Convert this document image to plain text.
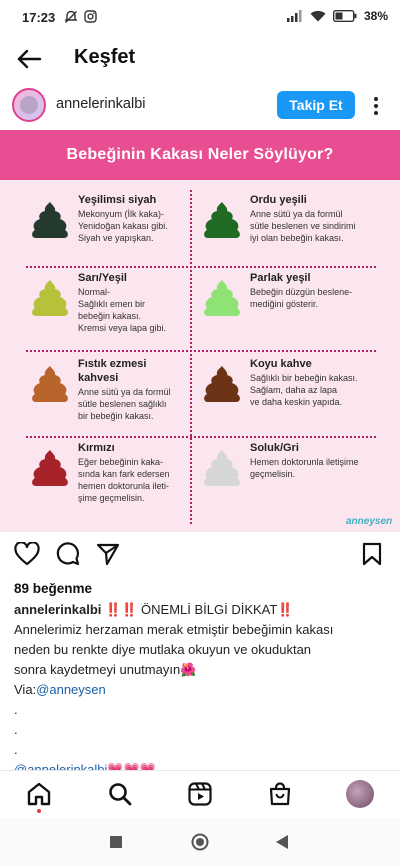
17:23	38%
Keşfet
annelerinkalbi	Takip Et
Bebeğinin Kakası Neler Söylüyor?
Yeşilimsi siyah
Mekonyum (İlk kaka)-
Yenidoğan kakası gibi.
Siyah ve yapışkan.
Ordu yeşili
Anne sütü ya da formül
sütle beslenen ve sindirimi
iyi olan bebeğin kakası.
Sarı/Yeşil
Normal-
Sağlıklı emen bir
bebeğin kakası.
Kremsi veya lapa gibi.
Parlak yeşil
Bebeğin düzgün beslene-
mediğini gösterir.
Fıstık ezmesi
kahvesi
Anne sütü ya da formül
sütle beslenen sağlıklı
bir bebeğin kakası.
Koyu kahve
Sağlıklı bir bebeğin kakası.
Sağlam, daha az lapa
ve daha keskin yapıda.
Kırmızı
Eğer bebeğinin kaka-
sında kan fark edersen
hemen doktorunla ileti-
şime geçmelisin.
Soluk/Gri
Hemen doktorunla iletişime
geçmelisin.
anneysen
89 beğenme
annelerinkalbi ‼️‼️ ÖNEMLİ BİLGİ DİKKAT‼️
Annelerimiz herzaman merak etmiştir bebeğimin kakası
neden bu renkte diye mutlaka okuyun ve okuduktan
sonra kaydetmeyi unutmayın🌺
Via:@anneysen
.
.
.
